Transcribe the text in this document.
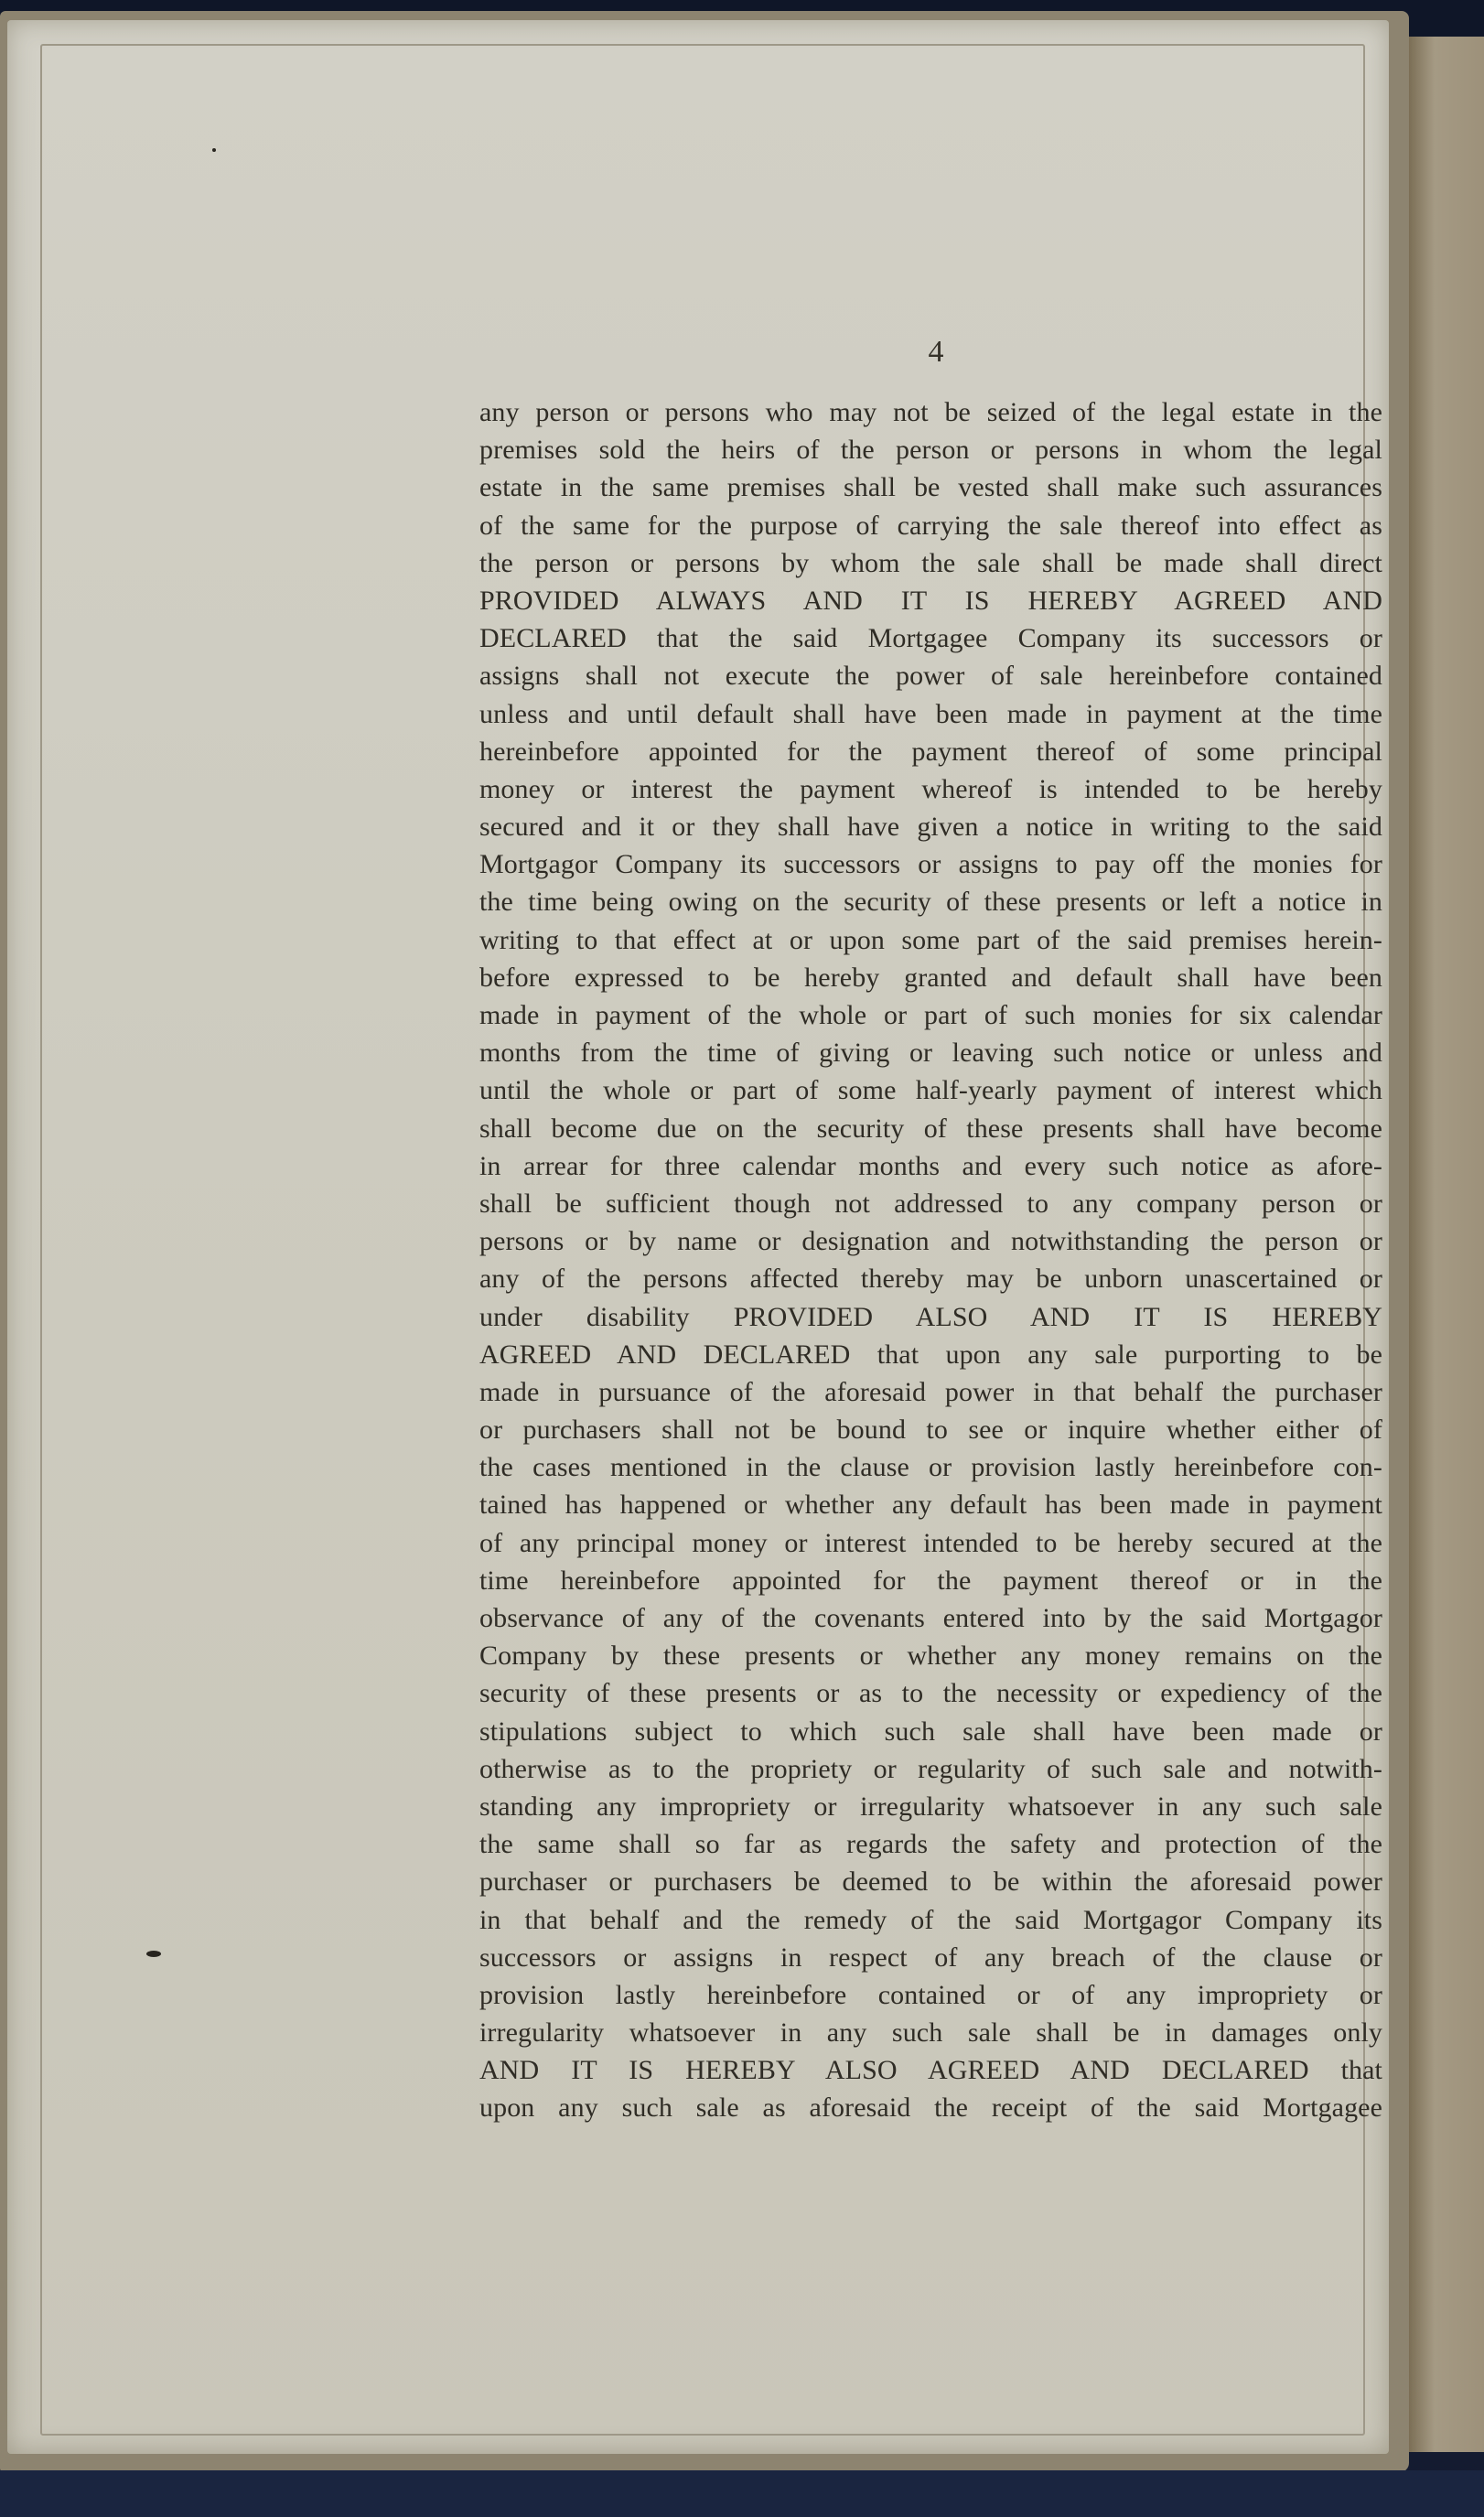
4
any person or persons who may not be seized of the legal estate in the
premises sold the heirs of the person or persons in whom the legal
estate in the same premises shall be vested shall make such assurances
of the same for the purpose of carrying the sale thereof into effect as
the person or persons by whom the sale shall be made shall direct
PROVIDED ALWAYS AND IT IS HEREBY AGREED AND
DECLARED that the said Mortgagee Company its successors or
assigns shall not execute the power of sale hereinbefore contained
unless and until default shall have been made in payment at the time
hereinbefore appointed for the payment thereof of some principal
money or interest the payment whereof is intended to be hereby
secured and it or they shall have given a notice in writing to the said
Mortgagor Company its successors or assigns to pay off the monies for
the time being owing on the security of these presents or left a notice in
writing to that effect at or upon some part of the said premises herein-
before expressed to be hereby granted and default shall have been
made in payment of the whole or part of such monies for six calendar
months from the time of giving or leaving such notice or unless and
until the whole or part of some half-yearly payment of interest which
shall become due on the security of these presents shall have become
in arrear for three calendar months and every such notice as afore-
shall be sufficient though not addressed to any company person or
persons or by name or designation and notwithstanding the person or
any of the persons affected thereby may be unborn unascertained or
under disability PROVIDED ALSO AND IT IS HEREBY
AGREED AND DECLARED that upon any sale purporting to be
made in pursuance of the aforesaid power in that behalf the purchaser
or purchasers shall not be bound to see or inquire whether either of
the cases mentioned in the clause or provision lastly hereinbefore con-
tained has happened or whether any default has been made in payment
of any principal money or interest intended to be hereby secured at the
time hereinbefore appointed for the payment thereof or in the
observance of any of the covenants entered into by the said Mortgagor
Company by these presents or whether any money remains on the
security of these presents or as to the necessity or expediency of the
stipulations subject to which such sale shall have been made or
otherwise as to the propriety or regularity of such sale and notwith-
standing any impropriety or irregularity whatsoever in any such sale
the same shall so far as regards the safety and protection of the
purchaser or purchasers be deemed to be within the aforesaid power
in that behalf and the remedy of the said Mortgagor Company its
successors or assigns in respect of any breach of the clause or
provision lastly hereinbefore contained or of any impropriety or
irregularity whatsoever in any such sale shall be in damages only
AND IT IS HEREBY ALSO AGREED AND DECLARED that
upon any such sale as aforesaid the receipt of the said Mortgagee
